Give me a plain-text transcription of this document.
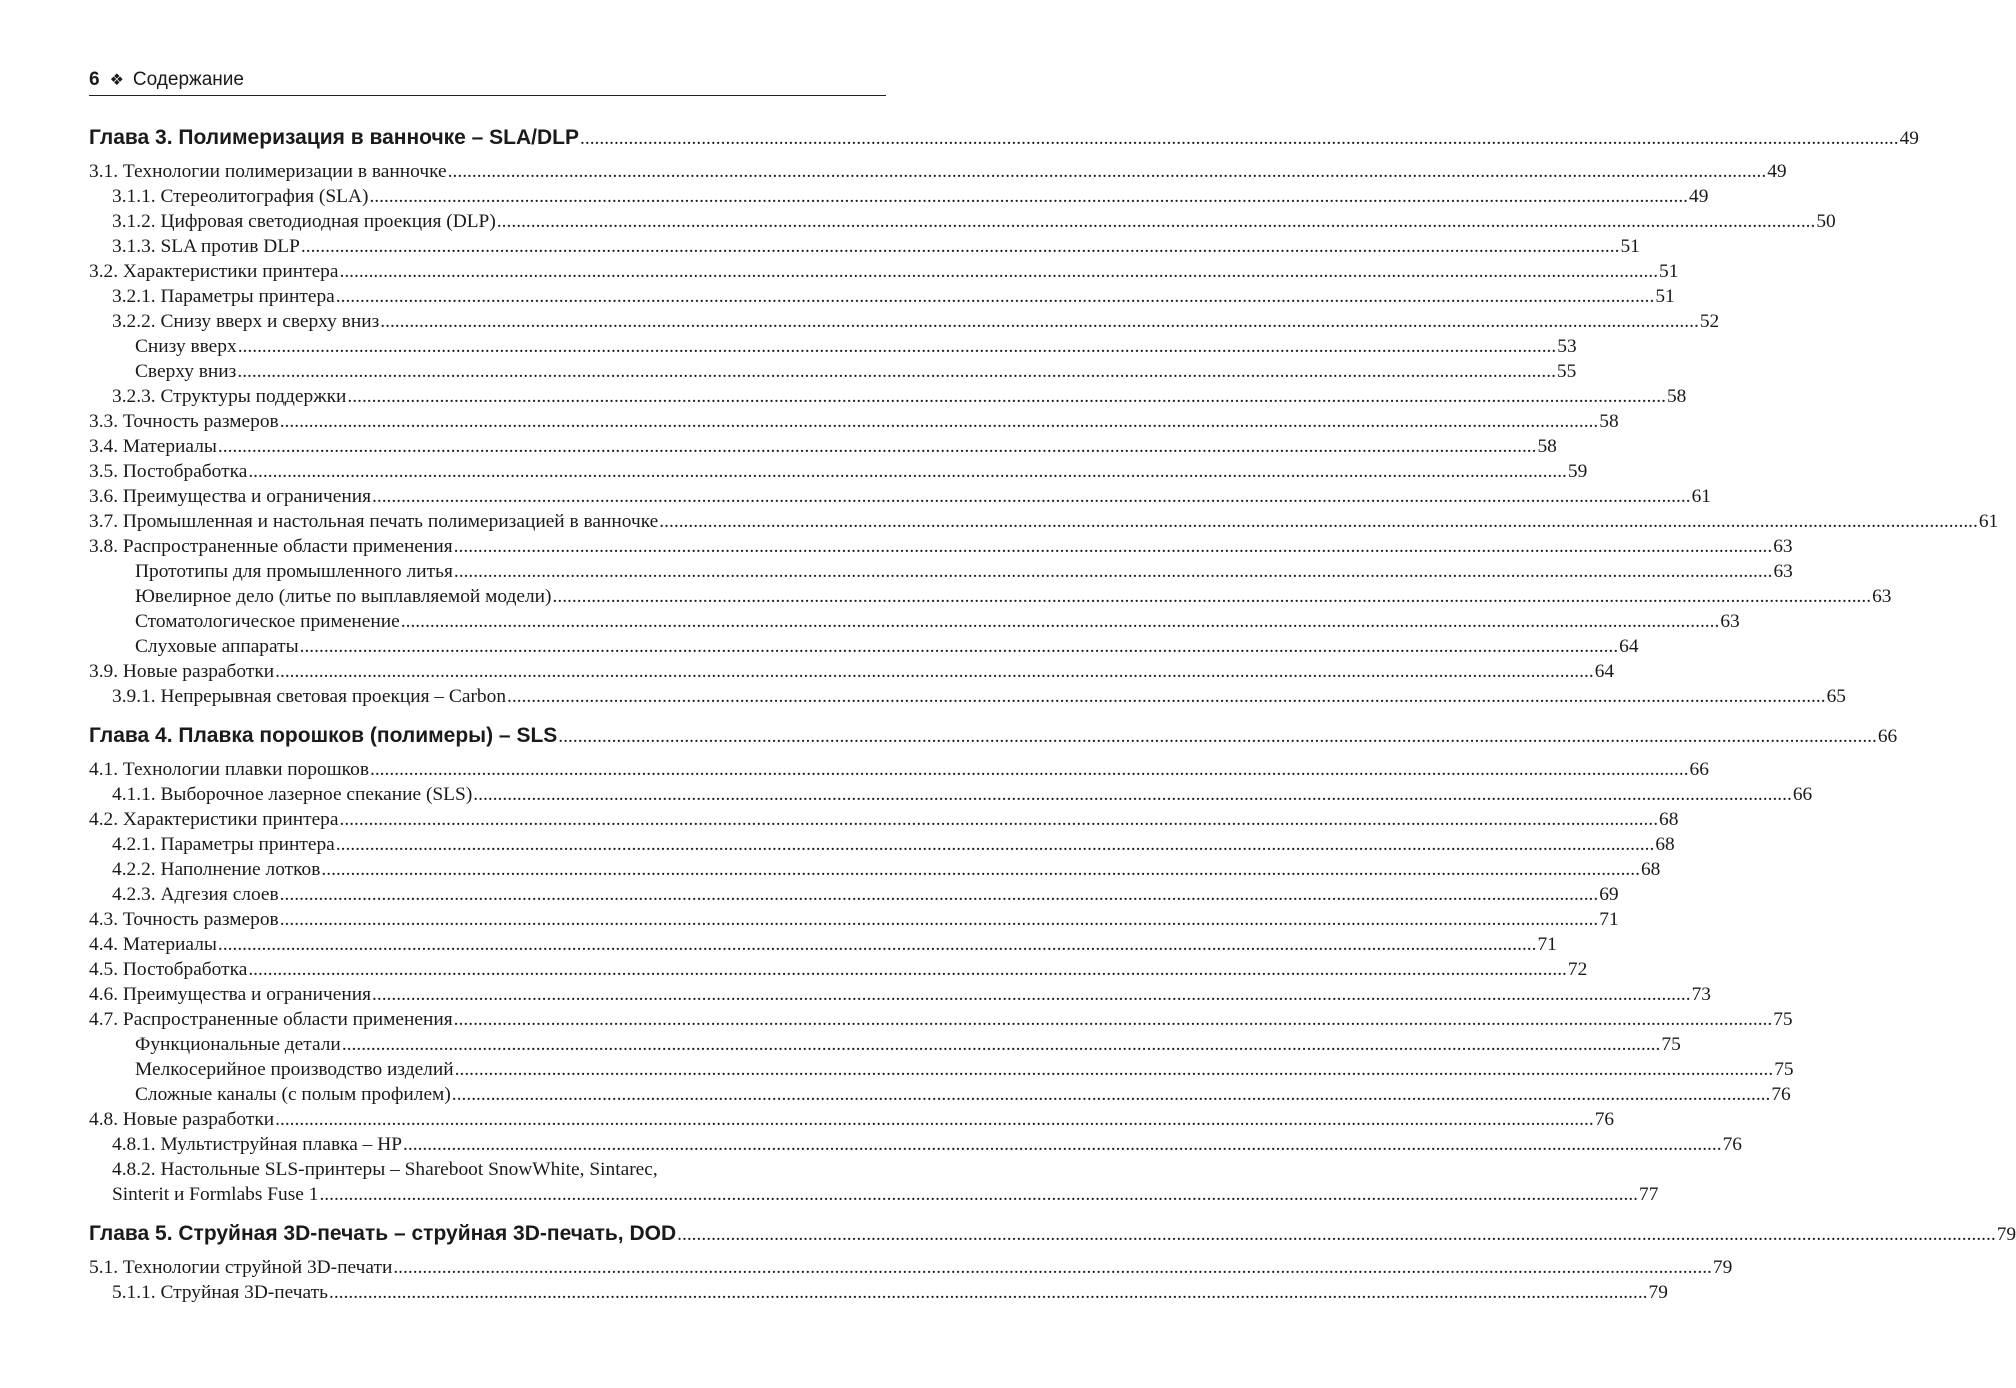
6 ❖ Содержание
Глава 3. Полимеризация в ванночке – SLA/DLP .....	49
3.1. Технологии полимеризации в ванночке .....	49
3.1.1. Стереолитография (SLA) .....	49
3.1.2. Цифровая светодиодная проекция (DLP) .....	50
3.1.3. SLA против DLP .....	51
3.2. Характеристики принтера .....	51
3.2.1. Параметры принтера .....	51
3.2.2. Снизу вверх и сверху вниз .....	52
Снизу вверх .....	53
Сверху вниз .....	55
3.2.3. Структуры поддержки .....	58
3.3. Точность размеров .....	58
3.4. Материалы .....	58
3.5. Постобработка .....	59
3.6. Преимущества и ограничения .....	61
3.7. Промышленная и настольная печать полимеризацией в ванночке .....	61
3.8. Распространенные области применения .....	63
Прототипы для промышленного литья .....	63
Ювелирное дело (литье по выплавляемой модели) .....	63
Стоматологическое применение .....	63
Слуховые аппараты .....	64
3.9. Новые разработки .....	64
3.9.1. Непрерывная световая проекция – Carbon .....	65
Глава 4. Плавка порошков (полимеры) – SLS .....	66
4.1. Технологии плавки порошков .....	66
4.1.1. Выборочное лазерное спекание (SLS) .....	66
4.2. Характеристики принтера .....	68
4.2.1. Параметры принтера .....	68
4.2.2. Наполнение лотков .....	68
4.2.3. Адгезия слоев .....	69
4.3. Точность размеров .....	71
4.4. Материалы .....	71
4.5. Постобработка .....	72
4.6. Преимущества и ограничения .....	73
4.7. Распространенные области применения .....	75
Функциональные детали .....	75
Мелкосерийное производство изделий .....	75
Сложные каналы (с полым профилем) .....	76
4.8. Новые разработки .....	76
4.8.1. Мультиструйная плавка – HP .....	76
4.8.2. Настольные SLS-принтеры – Shareboot SnowWhite, Sintarec,
Sinterit и Formlabs Fuse 1 .....	77
Глава 5. Струйная 3D-печать – струйная 3D-печать, DOD .....	79
5.1. Технологии струйной 3D-печати .....	79
5.1.1. Струйная 3D-печать .....	79
